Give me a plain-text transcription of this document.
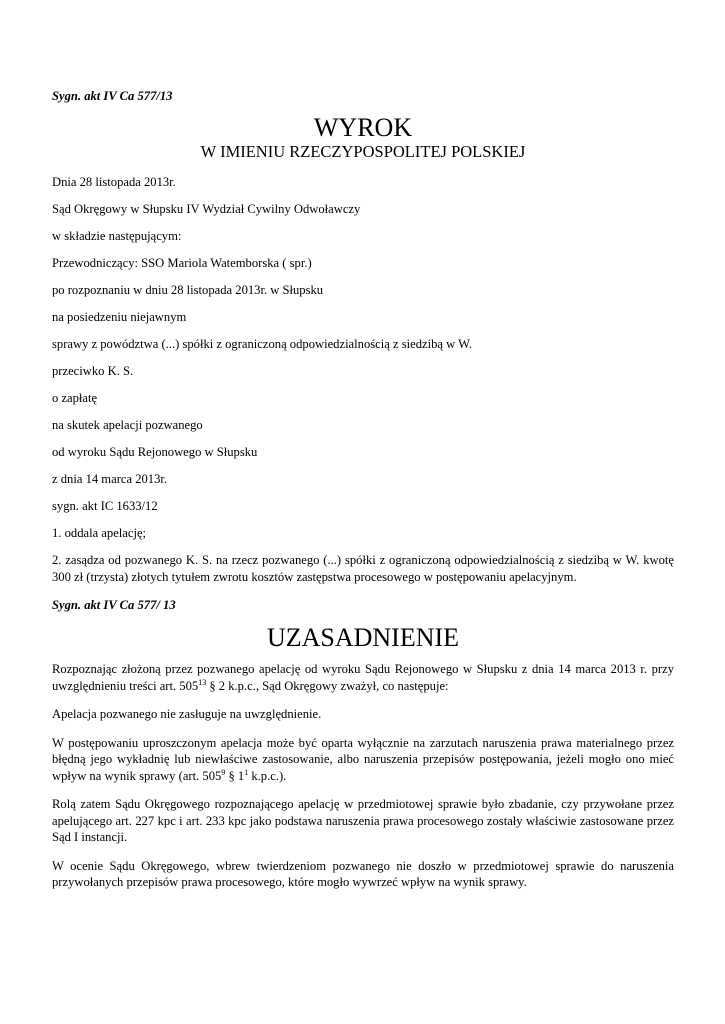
Sygn. akt IV Ca 577/13
WYROK
W IMIENIU RZECZYPOSPOLITEJ POLSKIEJ
Dnia 28 listopada 2013r.
Sąd Okręgowy w Słupsku IV Wydział Cywilny Odwoławczy
w składzie następującym:
Przewodniczący: SSO Mariola Watemborska ( spr.)
po rozpoznaniu w dniu 28 listopada 2013r. w Słupsku
na posiedzeniu niejawnym
sprawy z powództwa (...) spółki z ograniczoną odpowiedzialnością z siedzibą w W.
przeciwko K. S.
o zapłatę
na skutek apelacji pozwanego
od wyroku Sądu Rejonowego w Słupsku
z dnia 14 marca 2013r.
sygn. akt IC 1633/12
1. oddala apelację;
2. zasądza od pozwanego K. S. na rzecz pozwanego (...) spółki z ograniczoną odpowiedzialnością z siedzibą w W. kwotę 300 zł (trzysta) złotych tytułem zwrotu kosztów zastępstwa procesowego w postępowaniu apelacyjnym.
Sygn. akt IV Ca 577/ 13
UZASADNIENIE
Rozpoznając złożoną przez pozwanego apelację od wyroku Sądu Rejonowego w Słupsku z dnia 14 marca 2013 r. przy uwzględnieniu treści art. $505^{13}$ § 2 k.p.c., Sąd Okręgowy zważył, co następuje:
Apelacja pozwanego nie zasługuje na uwzględnienie.
W postępowaniu uproszczonym apelacja może być oparta wyłącznie na zarzutach naruszenia prawa materialnego przez błędną jego wykładnię lub niewłaściwe zastosowanie, albo naruszenia przepisów postępowania, jeżeli mogło ono mieć wpływ na wynik sprawy (art. $505^9$ § $1^1$ k.p.c.).
Rolą zatem Sądu Okręgowego rozpoznającego apelację w przedmiotowej sprawie było zbadanie, czy przywołane przez apelującego art. 227 kpc i art. 233 kpc jako podstawa naruszenia prawa procesowego zostały właściwie zastosowane przez Sąd I instancji.
W ocenie Sądu Okręgowego, wbrew twierdzeniom pozwanego nie doszło w przedmiotowej sprawie do naruszenia przywołanych przepisów prawa procesowego, które mogło wywrzeć wpływ na wynik sprawy.
